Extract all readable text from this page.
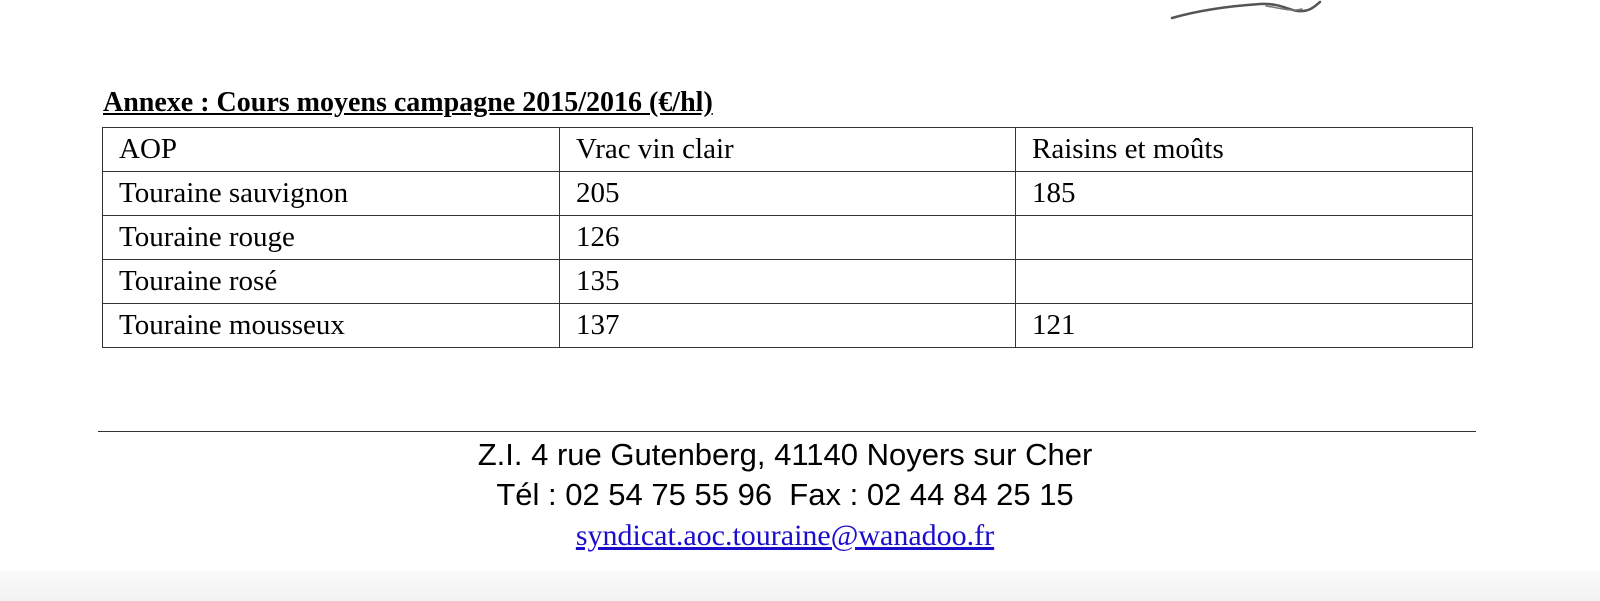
Annexe : Cours moyens campagne 2015/2016 (€/hl)
AOP	Vrac vin clair	Raisins et moûts
Touraine sauvignon	205	185
Touraine rouge	126	
Touraine rosé	135	
Touraine mousseux	137	121
Z.I. 4 rue Gutenberg, 41140 Noyers sur Cher
Tél : 02 54 75 55 96  Fax : 02 44 84 25 15
syndicat.aoc.touraine@wanadoo.fr
